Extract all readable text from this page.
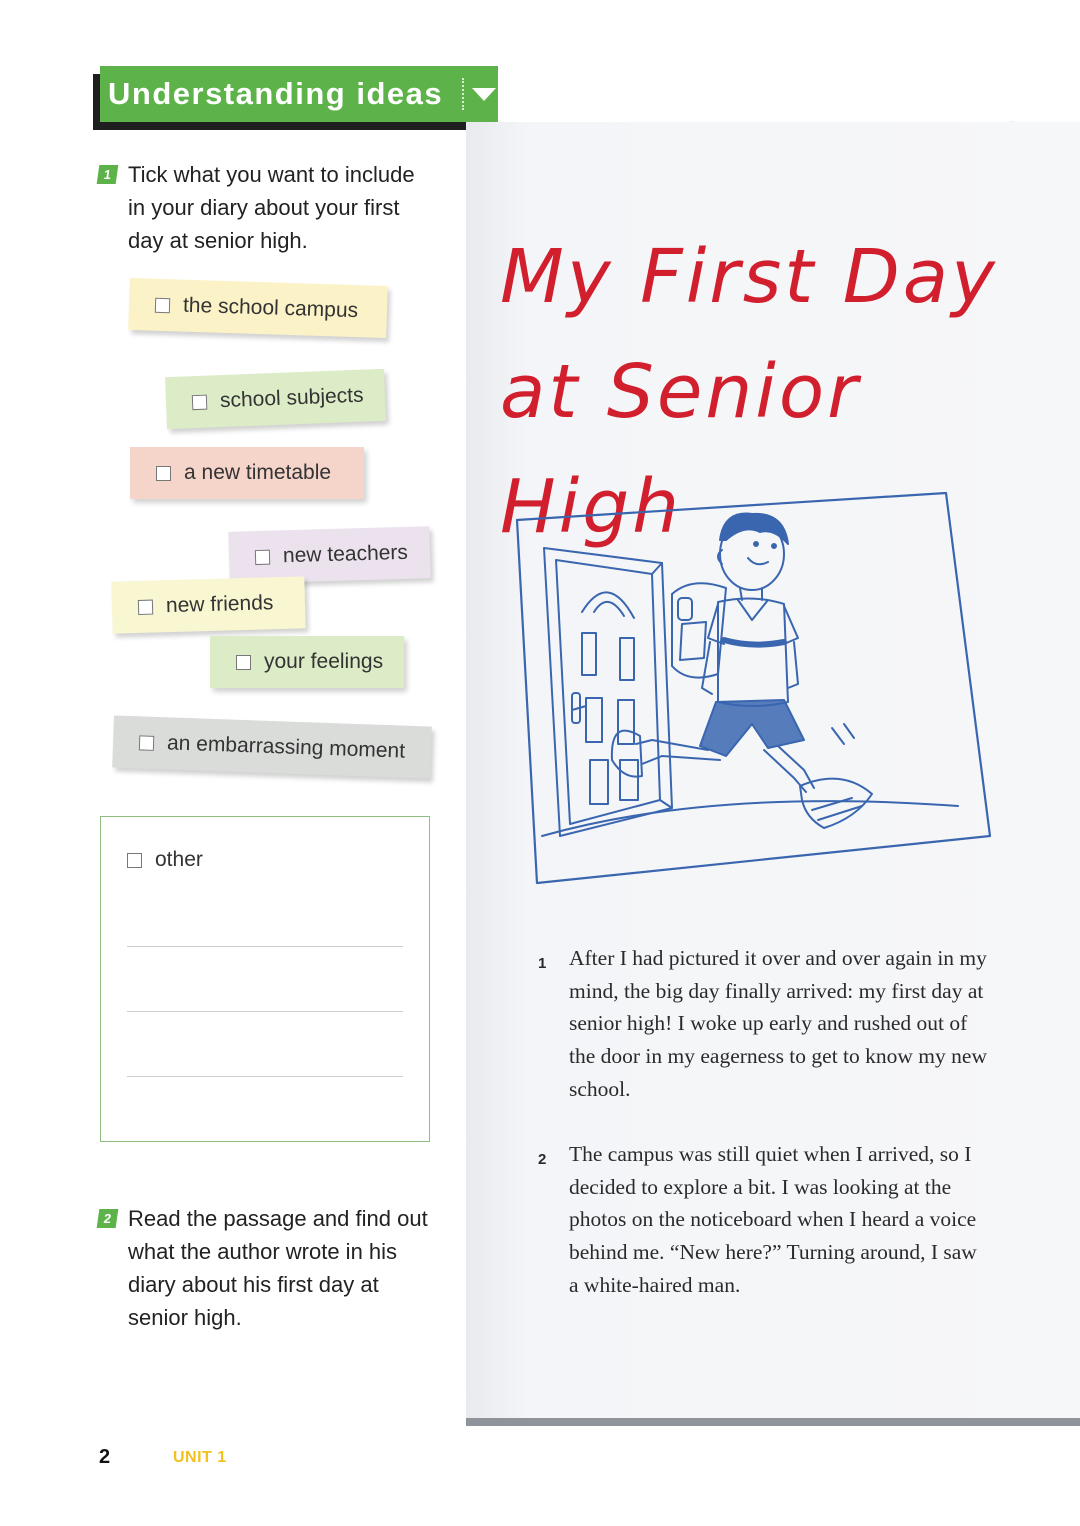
Understanding ideas
1 Tick what you want to include in your diary about your first day at senior high.
the school campus
school subjects
a new timetable
new teachers
new friends
your feelings
an embarrassing moment
other
2 Read the passage and find out what the author wrote in his diary about his first day at senior high.
2	UNIT 1
My First Day
at Senior High
1 After I had pictured it over and over again in my mind, the big day finally arrived: my first day at senior high! I woke up early and rushed out of the door in my eagerness to get to know my new school.
2 The campus was still quiet when I arrived, so I decided to explore a bit. I was looking at the photos on the noticeboard when I heard a voice behind me. “New here?” Turning around, I saw a white-haired man.
